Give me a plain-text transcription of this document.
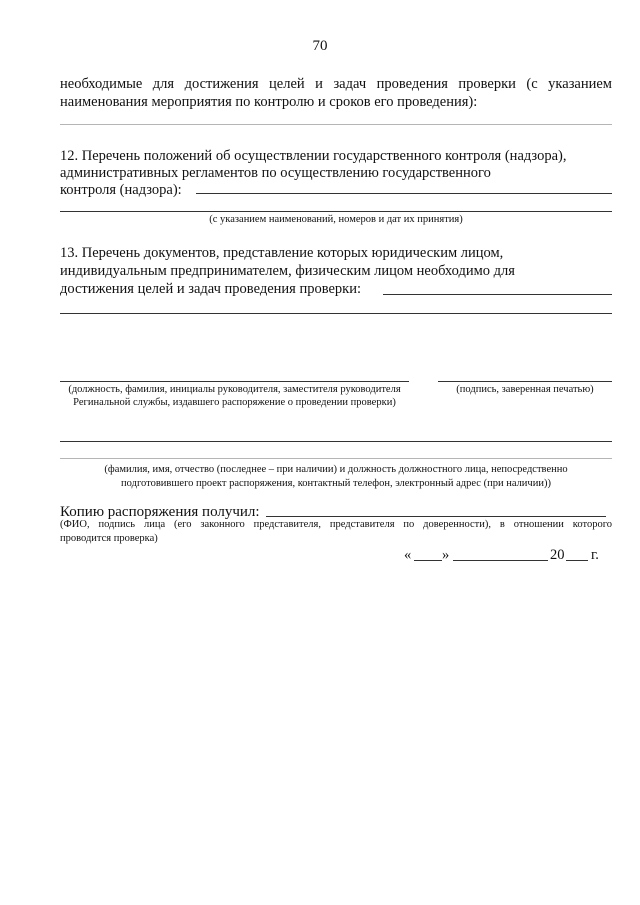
70
необходимые для достижения целей и задач проведения проверки (с указанием
наименования мероприятия по контролю и сроков его проведения):
12. Перечень положений об осуществлении государственного контроля (надзора),
административных регламентов по осуществлению государственного
контроля (надзора):
(с указанием наименований, номеров и дат их принятия)
13. Перечень документов, представление которых юридическим лицом,
индивидуальным предпринимателем, физическим лицом необходимо для
достижения целей и задач проведения проверки:
(должность, фамилия, инициалы руководителя, заместителя руководителя
Регинальной службы, издавшего распоряжение о проведении проверки)
(подпись, заверенная печатью)
(фамилия, имя, отчество (последнее – при наличии) и должность должностного лица, непосредственно
подготовившего проект распоряжения, контактный телефон, электронный адрес (при наличии))
Копию распоряжения получил:
(ФИО, подпись лица (его законного представителя, представителя по доверенности), в отношении которого
проводится проверка)
« »	20 г.
